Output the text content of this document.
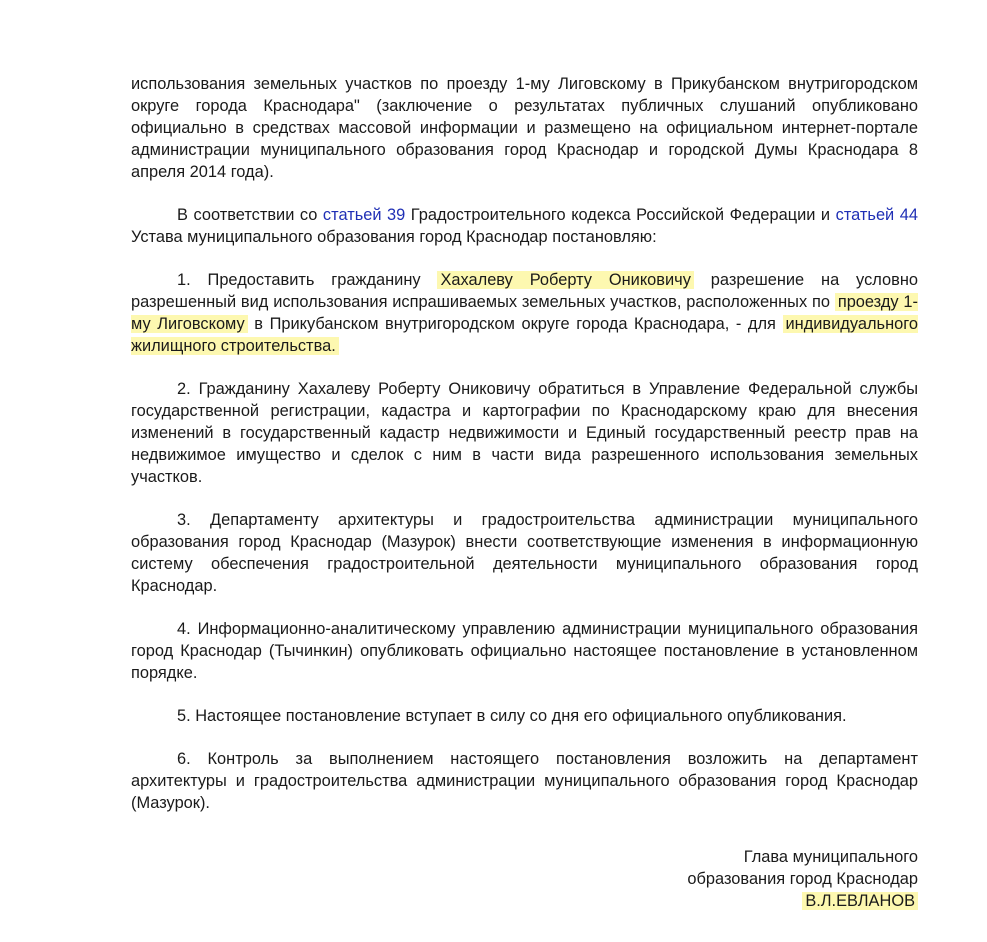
использования земельных участков по проезду 1-му Лиговскому в Прикубанском внутригородском округе города Краснодара" (заключение о результатах публичных слушаний опубликовано официально в средствах массовой информации и размещено на официальном интернет-портале администрации муниципального образования город Краснодар и городской Думы Краснодара 8 апреля 2014 года).

В соответствии со статьей 39 Градостроительного кодекса Российской Федерации и статьей 44 Устава муниципального образования город Краснодар постановляю:

1. Предоставить гражданину Хахалеву Роберту Ониковичу разрешение на условно разрешенный вид использования испрашиваемых земельных участков, расположенных по проезду 1-му Лиговскому в Прикубанском внутригородском округе города Краснодара, - для индивидуального жилищного строительства.

2. Гражданину Хахалеву Роберту Ониковичу обратиться в Управление Федеральной службы государственной регистрации, кадастра и картографии по Краснодарскому краю для внесения изменений в государственный кадастр недвижимости и Единый государственный реестр прав на недвижимое имущество и сделок с ним в части вида разрешенного использования земельных участков.

3. Департаменту архитектуры и градостроительства администрации муниципального образования город Краснодар (Мазурок) внести соответствующие изменения в информационную систему обеспечения градостроительной деятельности муниципального образования город Краснодар.

4. Информационно-аналитическому управлению администрации муниципального образования город Краснодар (Тычинкин) опубликовать официально настоящее постановление в установленном порядке.

5. Настоящее постановление вступает в силу со дня его официального опубликования.

6. Контроль за выполнением настоящего постановления возложить на департамент архитектуры и градостроительства администрации муниципального образования город Краснодар (Мазурок).

Глава муниципального
образования город Краснодар
В.Л.ЕВЛАНОВ
